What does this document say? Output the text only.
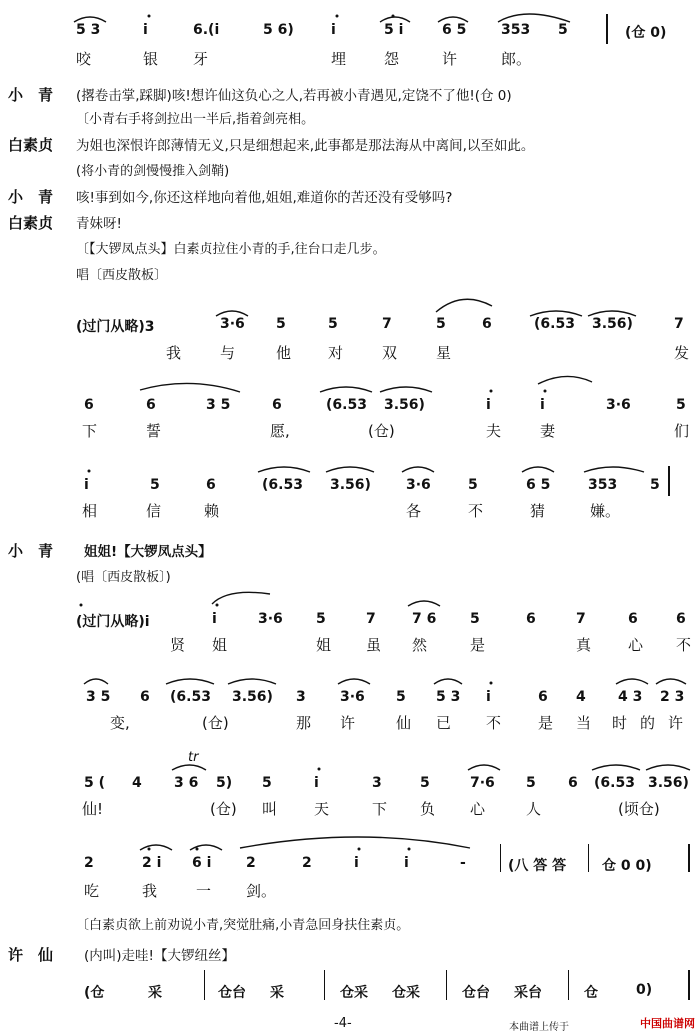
5 3	i	6.(i	5 6)	i	5 i	6 5 353 5	(仓 0)
咬	银 牙	埋	怨	许	郎。
小　青 (撂卷击掌,踩脚)咳!想许仙这负心之人,若再被小青遇见,定饶不了他!(仓 0)
〔小青右手将剑拉出一半后,指着剑亮相。
白素贞 为姐也深恨许郎薄情无义,只是细想起来,此事都是那法海从中离间,以至如此。
(将小青的剑慢慢推入剑鞘)
小　青 咳!事到如今,你还这样地向着他,姐姐,难道你的苦还没有受够吗?
白素贞 青妹呀!
〔【大锣凤点头】白素贞拉住小青的手,往台口走几步。
唱〔西皮散板〕
(过门从略)3	3·6 5	5	7	5	6	(6.53 3.56)	7
我	与	他 对	双	星	发
6	6	3 5	6	(6.53 3.56)	i	i	3·6	5
下	誓	愿,	(仓)	夫	妻	们
i	5	6	(6.53 3.56)	3·6	5	6 5	353 5
相	信	赖	各	不	猜	嫌。
小　青 姐姐!【大锣凤点头】
(唱〔西皮散板〕)
(过门从略)i	i	3·6 5	7	7 6 5	6	7	6	6
贤 姐	姐 虽 然	是	真 心 不
3 5 6 (6.53 3.56) 3 3·6 5 5 3 i	6 4 4 3 2 3
变,	(仓)	那 许	仙 已 不 是 当 时 的 许
tr
5 ( 4 3 6 5) 5	i	3	5	7·6 5 6 (6.53 3.56)
仙!	(仓) 叫 天	下 负 心	人	(顷仓)
2	2 i 6 i 2	2	i	i	-	(八 答 答	仓 0 0)
吃	我	一 剑。
〔白素贞欲上前劝说小青,突觉肚痛,小青急回身扶住素贞。
许　仙 (内叫)走哇!【大锣纽丝】
(仓	采	仓台 采	仓采 仓采	仓台 采台	仓	0)
-4-	本曲谱上传于	中国曲谱网
